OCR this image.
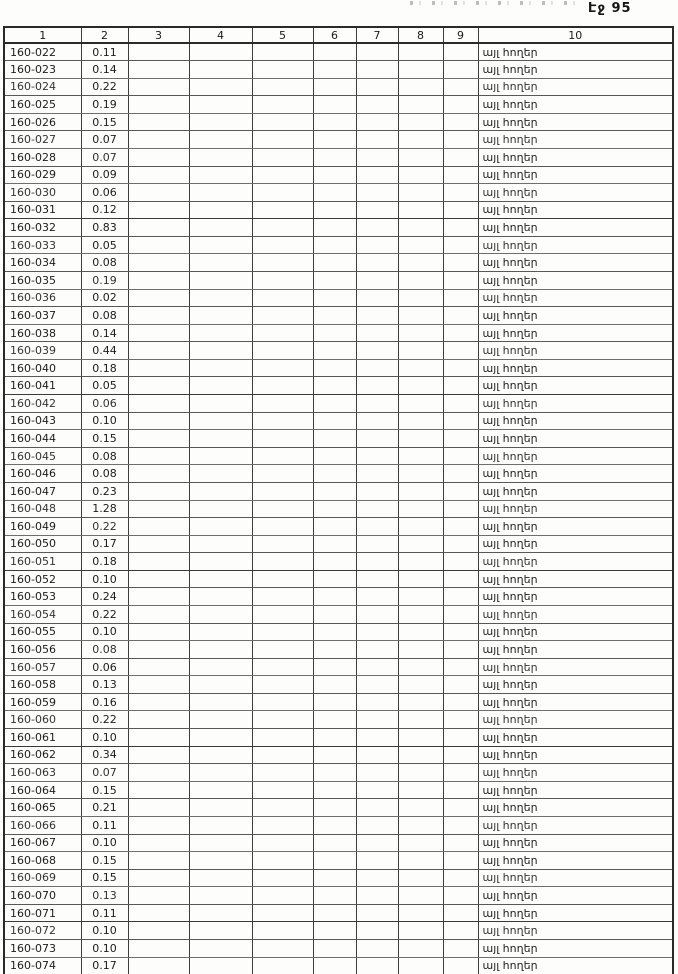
Էջ 95
1	2	3	4	5	6	7	8	9	10
160-022	0.11								այլ հողեր
160-023	0.14								այլ հողեր
160-024	0.22								այլ հողեր
160-025	0.19								այլ հողեր
160-026	0.15								այլ հողեր
160-027	0.07								այլ հողեր
160-028	0.07								այլ հողեր
160-029	0.09								այլ հողեր
160-030	0.06								այլ հողեր
160-031	0.12								այլ հողեր
160-032	0.83								այլ հողեր
160-033	0.05								այլ հողեր
160-034	0.08								այլ հողեր
160-035	0.19								այլ հողեր
160-036	0.02								այլ հողեր
160-037	0.08								այլ հողեր
160-038	0.14								այլ հողեր
160-039	0.44								այլ հողեր
160-040	0.18								այլ հողեր
160-041	0.05								այլ հողեր
160-042	0.06								այլ հողեր
160-043	0.10								այլ հողեր
160-044	0.15								այլ հողեր
160-045	0.08								այլ հողեր
160-046	0.08								այլ հողեր
160-047	0.23								այլ հողեր
160-048	1.28								այլ հողեր
160-049	0.22								այլ հողեր
160-050	0.17								այլ հողեր
160-051	0.18								այլ հողեր
160-052	0.10								այլ հողեր
160-053	0.24								այլ հողեր
160-054	0.22								այլ հողեր
160-055	0.10								այլ հողեր
160-056	0.08								այլ հողեր
160-057	0.06								այլ հողեր
160-058	0.13								այլ հողեր
160-059	0.16								այլ հողեր
160-060	0.22								այլ հողեր
160-061	0.10								այլ հողեր
160-062	0.34								այլ հողեր
160-063	0.07								այլ հողեր
160-064	0.15								այլ հողեր
160-065	0.21								այլ հողեր
160-066	0.11								այլ հողեր
160-067	0.10								այլ հողեր
160-068	0.15								այլ հողեր
160-069	0.15								այլ հողեր
160-070	0.13								այլ հողեր
160-071	0.11								այլ հողեր
160-072	0.10								այլ հողեր
160-073	0.10								այլ հողեր
160-074	0.17								այլ հողեր
